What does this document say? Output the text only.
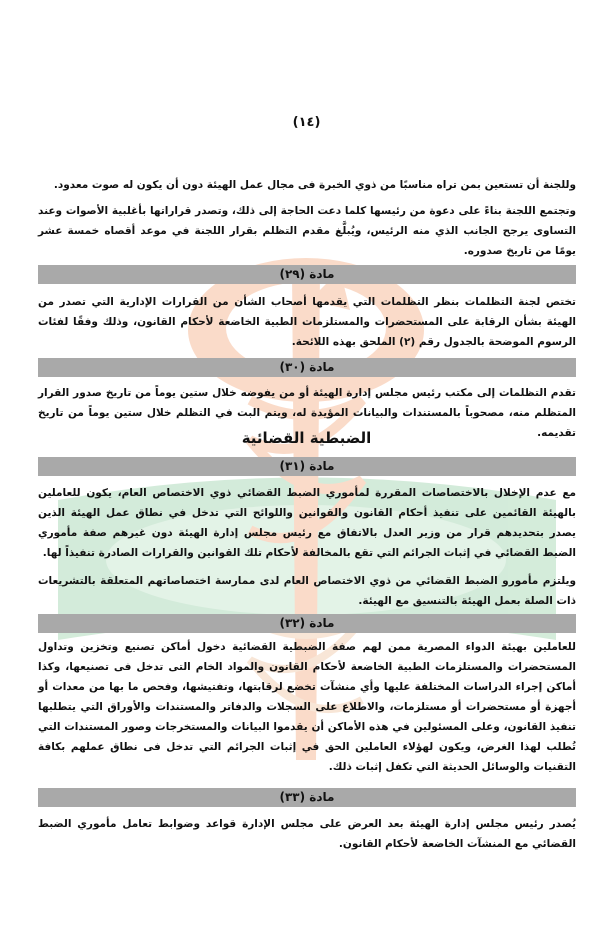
(١٤)

وللجنة أن تستعين بمن تراه مناسبًا من ذوي الخبرة فى مجال عمل الهيئة دون أن يكون له صوت معدود.

وتجتمع اللجنة بناءً على دعوة من رئيسها كلما دعت الحاجة إلى ذلك، وتصدر قراراتها بأغلبية الأصوات وعند التساوى يرجح الجانب الذي منه الرئيس، ويُبلَّغ مقدم التظلم بقرار اللجنة في موعد أقصاه خمسة عشر يومًا من تاريخ صدوره.

مادة (٢٩)

تختص لجنة التظلمات بنظر التظلمات التي يقدمها أصحاب الشأن من القرارات الإدارية التي تصدر من الهيئة بشأن الرقابة على المستحضرات والمستلزمات الطبية الخاضعة لأحكام القانون، وذلك وفقًا لفئات الرسوم الموضحة بالجدول رقم (٢) الملحق بهذه اللائحة.

مادة (٣٠)

تقدم التظلمات إلى مكتب رئيس مجلس إدارة الهيئة أو من يفوضه خلال ستين يوماً من تاريخ صدور القرار المتظلم منه، مصحوباً بالمستندات والبيانات المؤيدة له، ويتم البت في التظلم خلال ستين يوماً من تاريخ تقديمه.

الضبطية القضائية
مادة (٣١)

مع عدم الإخلال بالاختصاصات المقررة لمأموري الضبط القضائي ذوي الاختصاص العام، يكون للعاملين بالهيئة القائمين على تنفيذ أحكام القانون والقوانين واللوائح التي تدخل في نطاق عمل الهيئة الذين يصدر بتحديدهم قرار من وزير العدل بالاتفاق مع رئيس مجلس إدارة الهيئة دون غيرهم صفة مأموري الضبط القضائي في إثبات الجرائم التي تقع بالمخالفة لأحكام تلك القوانين والقرارات الصادرة تنفيذاً لها.

ويلتزم مأمورو الضبط القضائي من ذوي الاختصاص العام لدى ممارسة اختصاصاتهم المتعلقة بالتشريعات ذات الصلة بعمل الهيئة بالتنسيق مع الهيئة.

مادة (٣٢)

للعاملين بهيئة الدواء المصرية ممن لهم صفة الضبطية القضائية دخول أماكن تصنيع وتخزين وتداول المستحضرات والمستلزمات الطبية الخاضعة لأحكام القانون والمواد الخام التى تدخل فى تصنيعها، وكذا أماكن إجراء الدراسات المختلفة عليها وأي منشآت تخضع لرقابتها، وتفتيشها، وفحص ما بها من معدات أو أجهزة أو مستحضرات أو مستلزمات، والاطلاع على السجلات والدفاتر والمستندات والأوراق التي يتطلبها تنفيذ القانون، وعلى المسئولين في هذه الأماكن أن يقدموا البيانات والمستخرجات وصور المستندات التي تُطلب لهذا الغرض، ويكون لهؤلاء العاملين الحق في إثبات الجرائم التي تدخل فى نطاق عملهم بكافة التقنيات والوسائل الحديثة التي تكفل إثبات ذلك.

مادة (٣٣)

يُصدر رئيس مجلس إدارة الهيئة بعد العرض على مجلس الإدارة قواعد وضوابط تعامل مأموري الضبط القضائي مع المنشآت الخاضعة لأحكام القانون.
